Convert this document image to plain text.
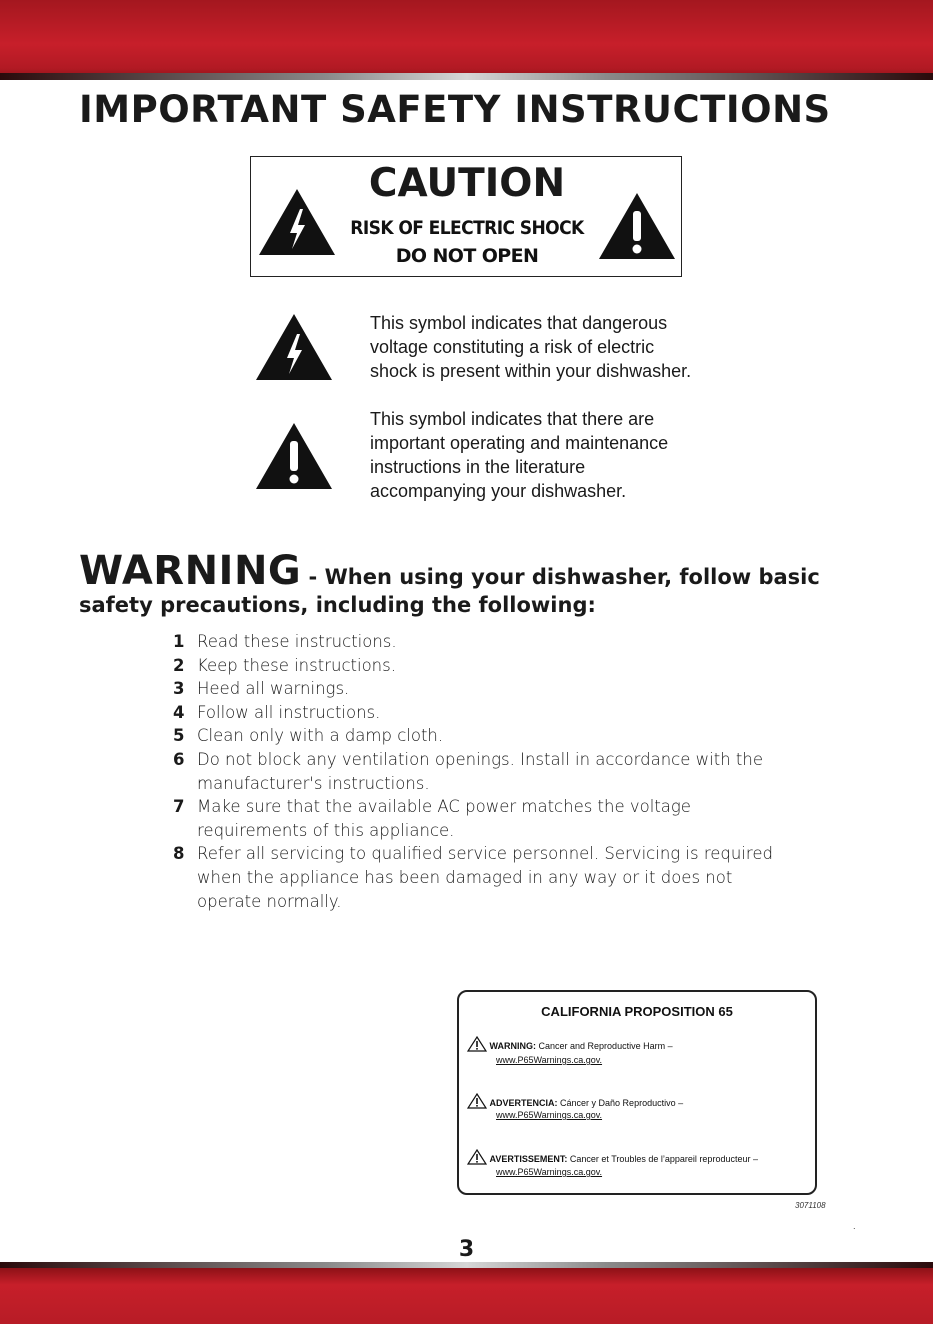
IMPORTANT SAFETY INSTRUCTIONS
CAUTION
RISK OF ELECTRIC SHOCK
DO NOT OPEN
This symbol indicates that dangerous
voltage constituting a risk of electric
shock is present within your dishwasher.
This symbol indicates that there are
important operating and maintenance
instructions in the literature
accompanying your dishwasher.
WARNING - When using your dishwasher, follow basic
safety precautions, including the following:
1 Read these instructions.
2 Keep these instructions.
3 Heed all warnings.
4 Follow all instructions.
5 Clean only with a damp cloth.
6 Do not block any ventilation openings. Install in accordance with the manufacturer's instructions.
7 Make sure that the available AC power matches the voltage requirements of this appliance.
8 Refer all servicing to qualified service personnel. Servicing is required when the appliance has been damaged in any way or it does not operate normally.
CALIFORNIA PROPOSITION 65
WARNING: Cancer and Reproductive Harm –
www.P65Warnings.ca.gov.
ADVERTENCIA: Cáncer y Daño Reproductivo –
www.P65Warnings.ca.gov.
AVERTISSEMENT: Cancer et Troubles de l’appareil reproducteur –
www.P65Warnings.ca.gov.
3071108
.
3
